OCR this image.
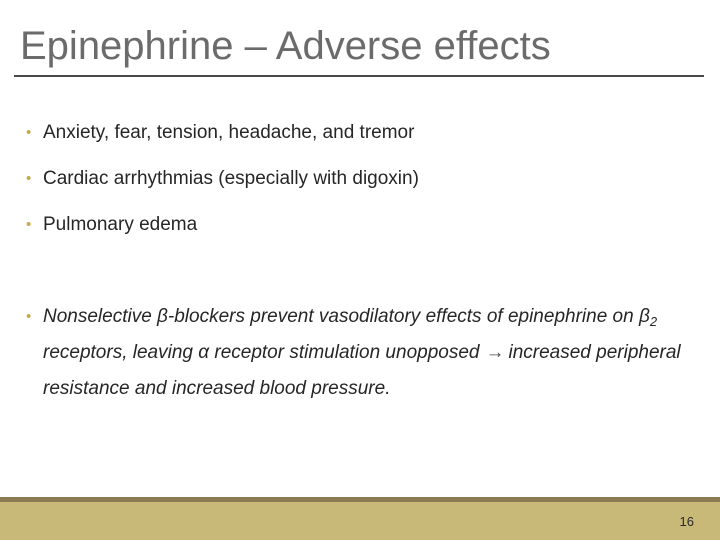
Epinephrine – Adverse effects
• Anxiety, fear, tension, headache, and tremor
• Cardiac arrhythmias (especially with digoxin)
• Pulmonary edema
• Nonselective β-blockers prevent vasodilatory effects of epinephrine on $\beta_2$ receptors, leaving α receptor stimulation unopposed → increased peripheral resistance and increased blood pressure.
16
